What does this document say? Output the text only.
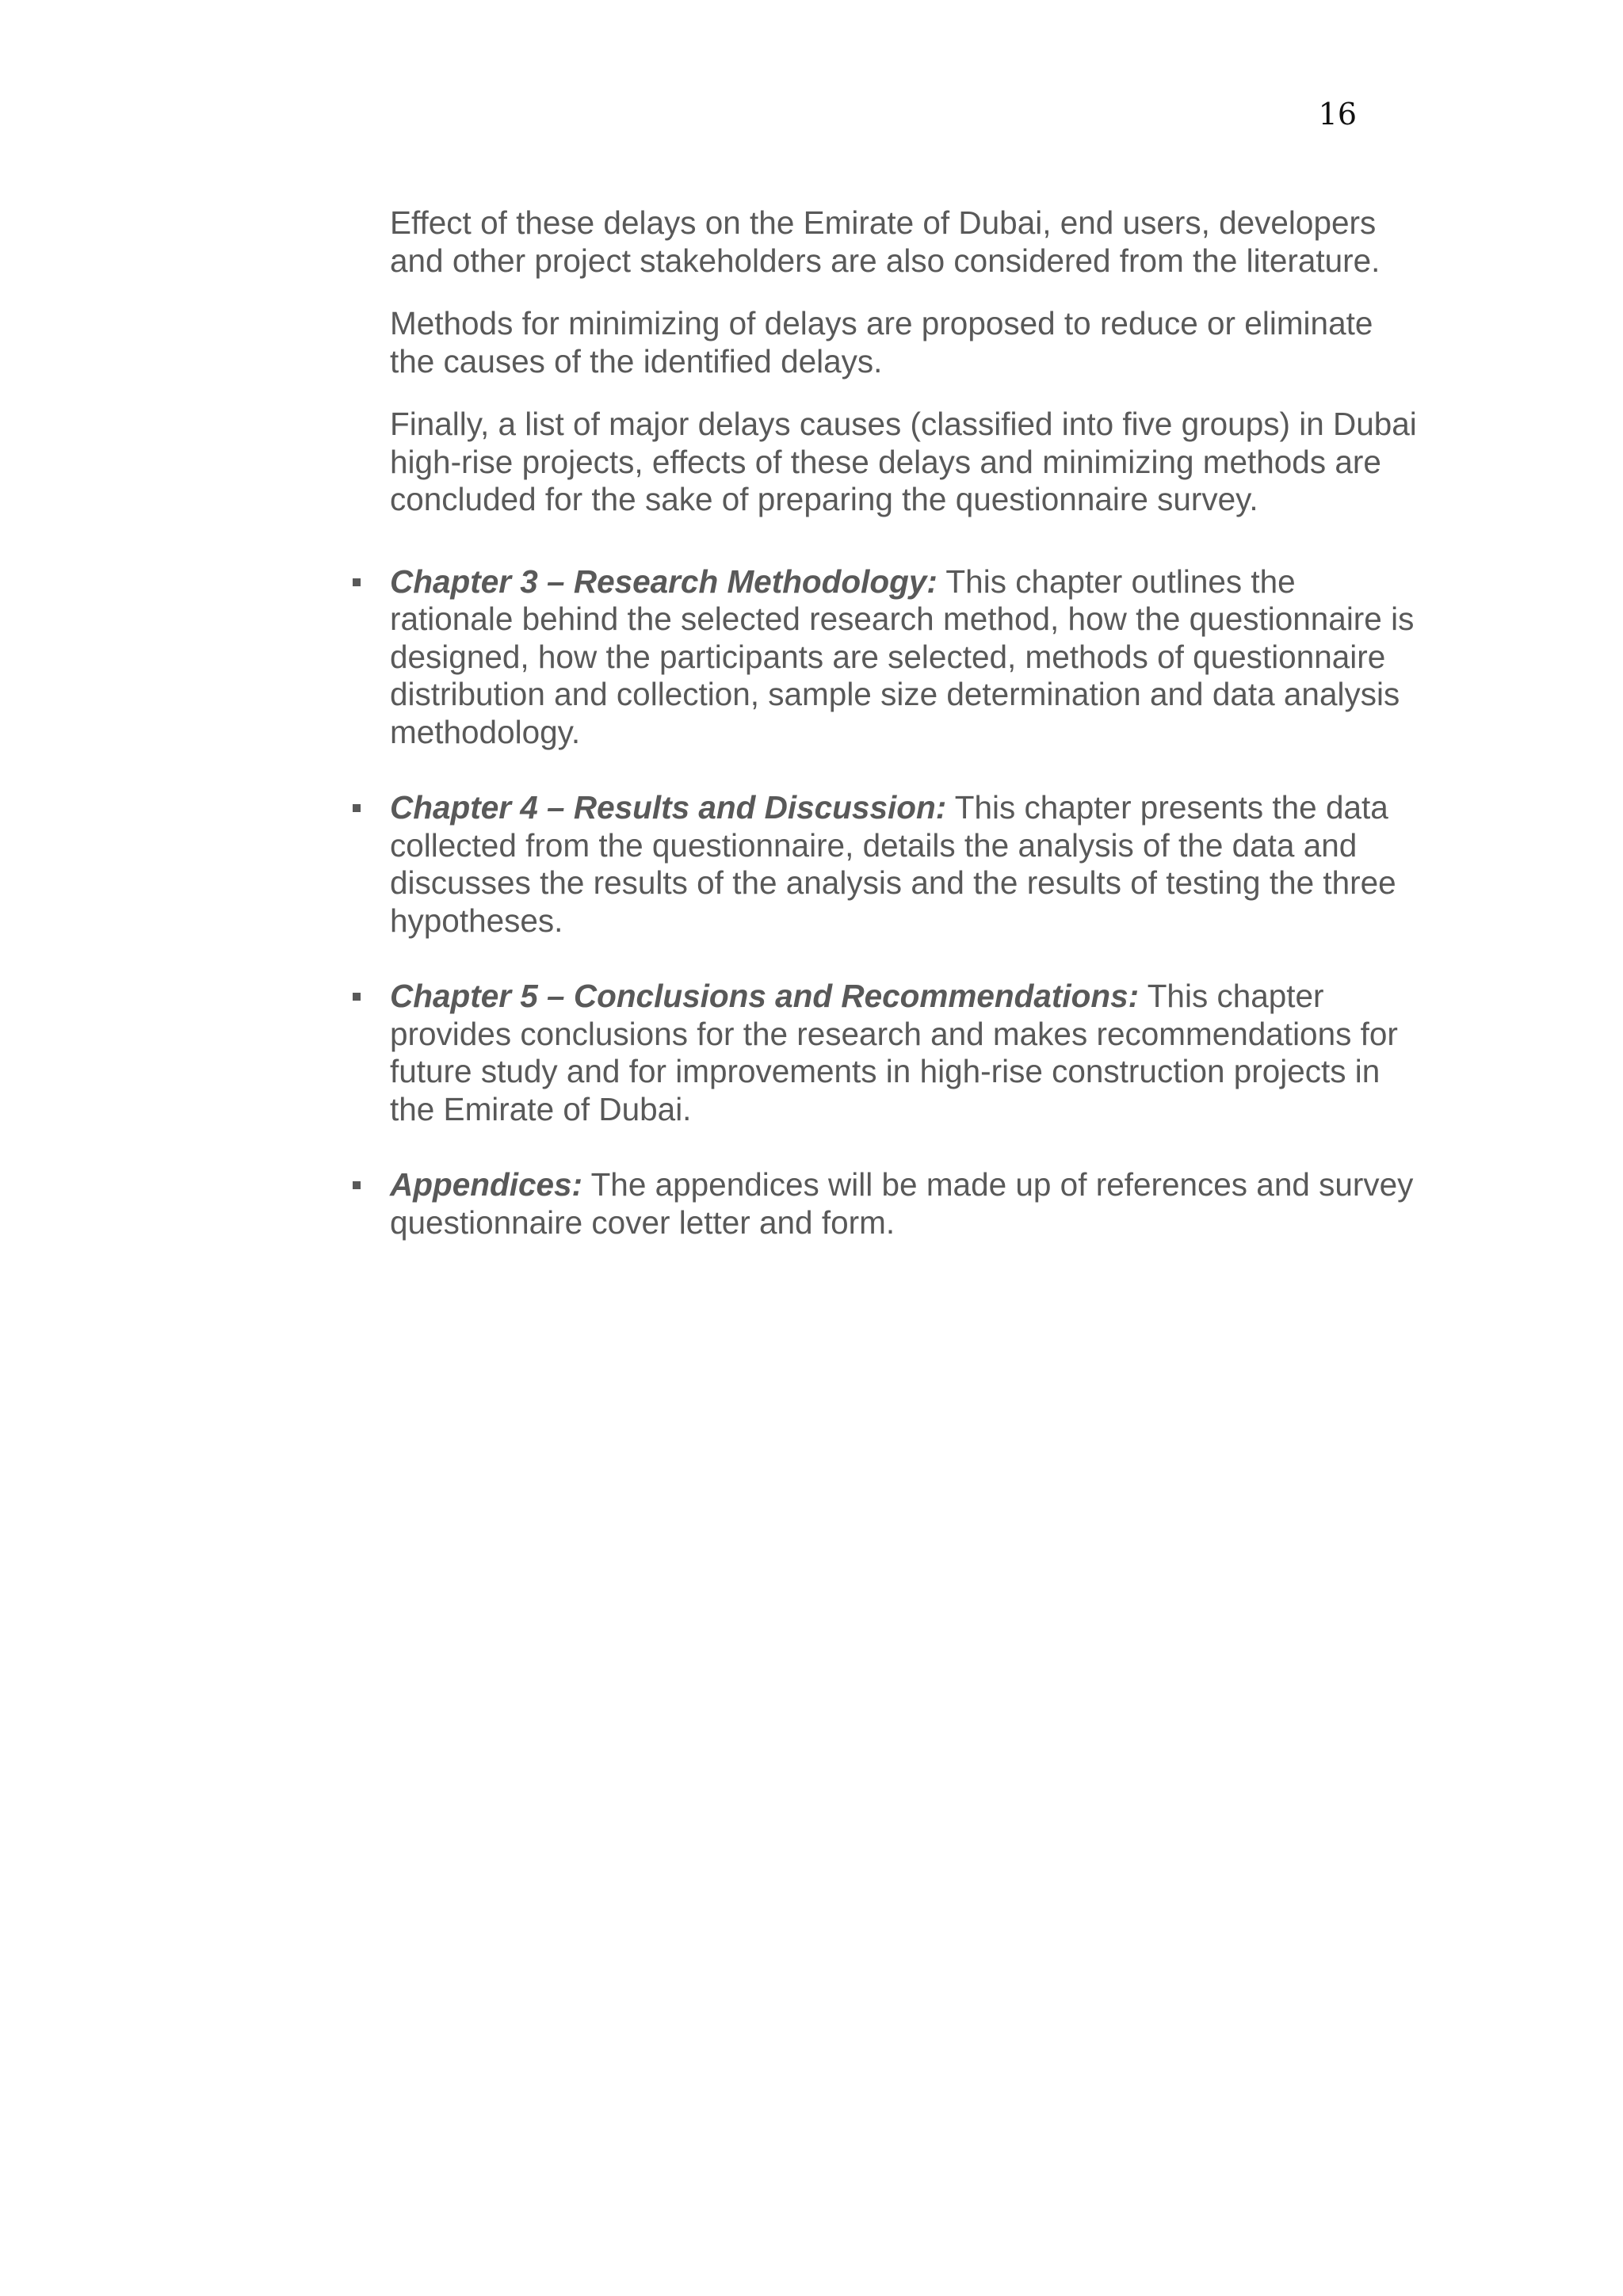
16

Effect of these delays on the Emirate of Dubai, end users, developers and other project stakeholders are also considered from the literature.

Methods for minimizing of delays are proposed to reduce or eliminate the causes of the identified delays.

Finally, a list of major delays causes (classified into five groups) in Dubai high-rise projects, effects of these delays and minimizing methods are concluded for the sake of preparing the questionnaire survey.

Chapter 3 – Research Methodology: This chapter outlines the rationale behind the selected research method, how the questionnaire is designed, how the participants are selected, methods of questionnaire distribution and collection, sample size determination and data analysis methodology.
Chapter 4 – Results and Discussion: This chapter presents the data collected from the questionnaire, details the analysis of the data and discusses the results of the analysis and the results of testing the three hypotheses.
Chapter 5 – Conclusions and Recommendations: This chapter provides conclusions for the research and makes recommendations for future study and for improvements in high-rise construction projects in the Emirate of Dubai.
Appendices: The appendices will be made up of references and survey questionnaire cover letter and form.
